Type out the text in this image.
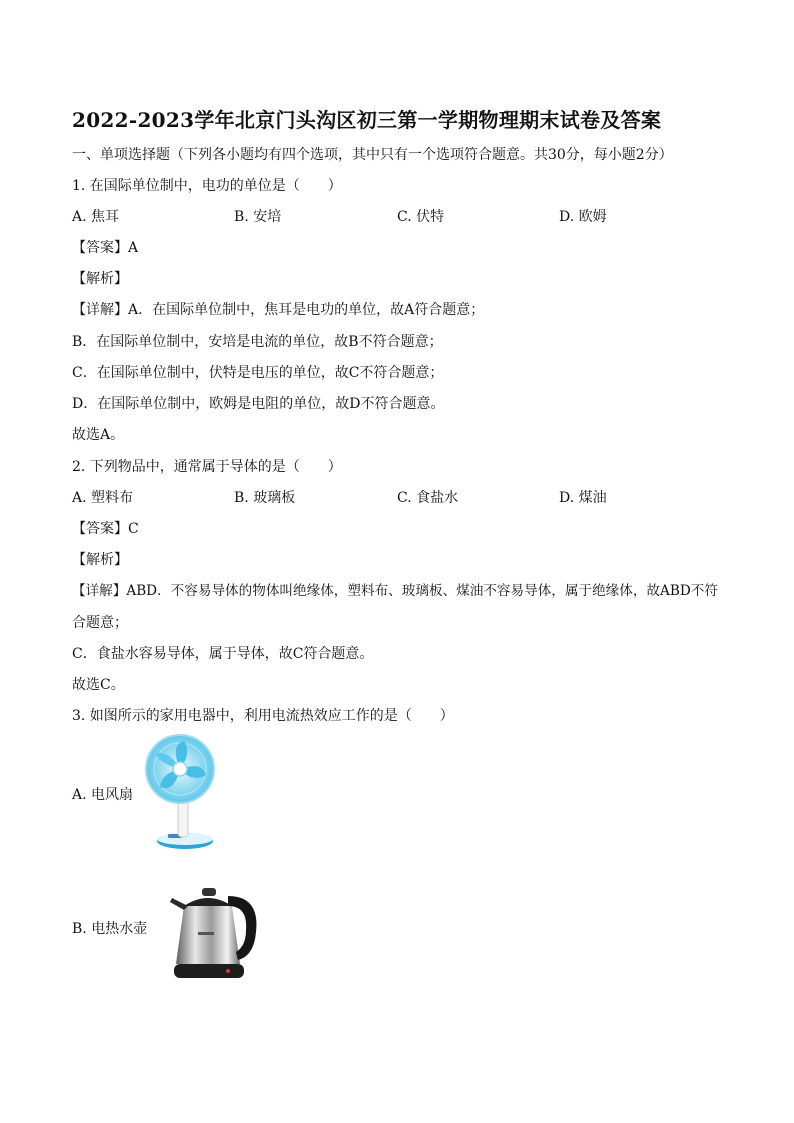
2022-2023学年北京门头沟区初三第一学期物理期末试卷及答案
一、单项选择题（下列各小题均有四个选项，其中只有一个选项符合题意。共30分，每小题2分）
1. 在国际单位制中，电功的单位是（　　）
A. 焦耳	B. 安培	C. 伏特	D. 欧姆
【答案】A
【解析】
【详解】A．在国际单位制中，焦耳是电功的单位，故A符合题意；
B．在国际单位制中，安培是电流的单位，故B不符合题意；
C．在国际单位制中，伏特是电压的单位，故C不符合题意；
D．在国际单位制中，欧姆是电阻的单位，故D不符合题意。
故选A。
2. 下列物品中，通常属于导体的是（　　）
A. 塑料布	B. 玻璃板	C. 食盐水	D. 煤油
【答案】C
【解析】
【详解】ABD．不容易导体的物体叫绝缘体，塑料布、玻璃板、煤油不容易导体，属于绝缘体，故ABD不符
合题意；
C．食盐水容易导体，属于导体，故C符合题意。
故选C。
3. 如图所示的家用电器中，利用电流热效应工作的是（　　）
A. 电风扇
B. 电热水壶
